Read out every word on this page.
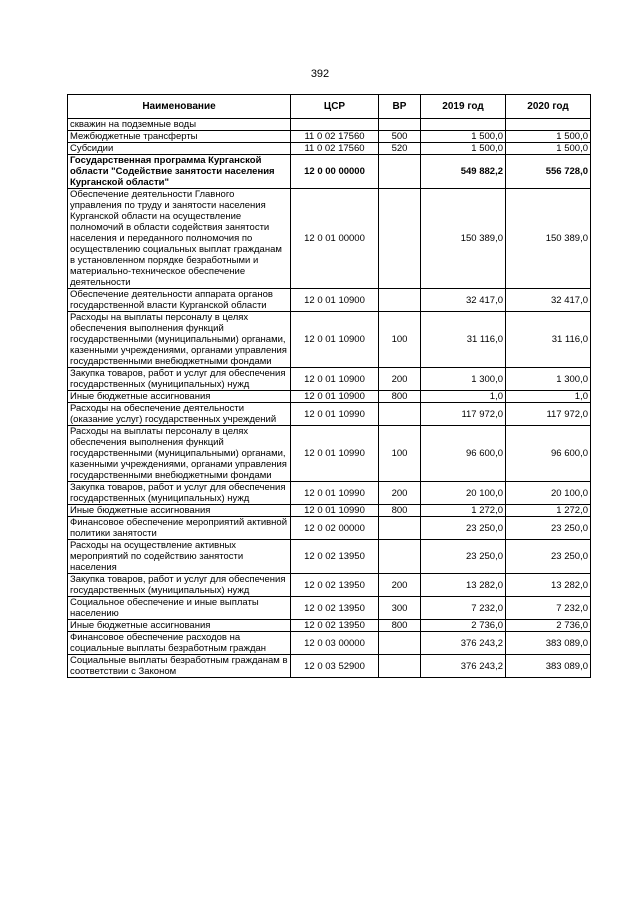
392
Наименование	ЦСР	ВР	2019 год	2020 год
скважин на подземные воды				
Межбюджетные трансферты	11 0 02 17560	500	1 500,0	1 500,0
Субсидии	11 0 02 17560	520	1 500,0	1 500,0
Государственная программа Курганской области "Содействие занятости населения Курганской области"	12 0 00 00000		549 882,2	556 728,0
Обеспечение деятельности Главного управления по труду и занятости населения Курганской области на осуществление полномочий в области содействия занятости населения и переданного полномочия по осуществлению социальных выплат гражданам в установленном порядке безработными и материально-техническое обеспечение деятельности	12 0 01 00000		150 389,0	150 389,0
Обеспечение деятельности аппарата органов государственной власти Курганской области	12 0 01 10900		32 417,0	32 417,0
Расходы на выплаты персоналу в целях обеспечения выполнения функций государственными (муниципальными) органами, казенными учреждениями, органами управления государственными внебюджетными фондами	12 0 01 10900	100	31 116,0	31 116,0
Закупка товаров, работ и услуг для обеспечения государственных (муниципальных) нужд	12 0 01 10900	200	1 300,0	1 300,0
Иные бюджетные ассигнования	12 0 01 10900	800	1,0	1,0
Расходы на обеспечение деятельности (оказание услуг) государственных учреждений	12 0 01 10990		117 972,0	117 972,0
Расходы на выплаты персоналу в целях обеспечения выполнения функций государственными (муниципальными) органами, казенными учреждениями, органами управления государственными внебюджетными фондами	12 0 01 10990	100	96 600,0	96 600,0
Закупка товаров, работ и услуг для обеспечения государственных (муниципальных) нужд	12 0 01 10990	200	20 100,0	20 100,0
Иные бюджетные ассигнования	12 0 01 10990	800	1 272,0	1 272,0
Финансовое обеспечение мероприятий активной политики занятости	12 0 02 00000		23 250,0	23 250,0
Расходы на осуществление активных мероприятий по содействию занятости населения	12 0 02 13950		23 250,0	23 250,0
Закупка товаров, работ и услуг для обеспечения государственных (муниципальных) нужд	12 0 02 13950	200	13 282,0	13 282,0
Социальное обеспечение и иные выплаты населению	12 0 02 13950	300	7 232,0	7 232,0
Иные бюджетные ассигнования	12 0 02 13950	800	2 736,0	2 736,0
Финансовое обеспечение расходов на социальные выплаты безработным граждан	12 0 03 00000		376 243,2	383 089,0
Социальные выплаты безработным гражданам в соответствии с Законом	12 0 03 52900		376 243,2	383 089,0
